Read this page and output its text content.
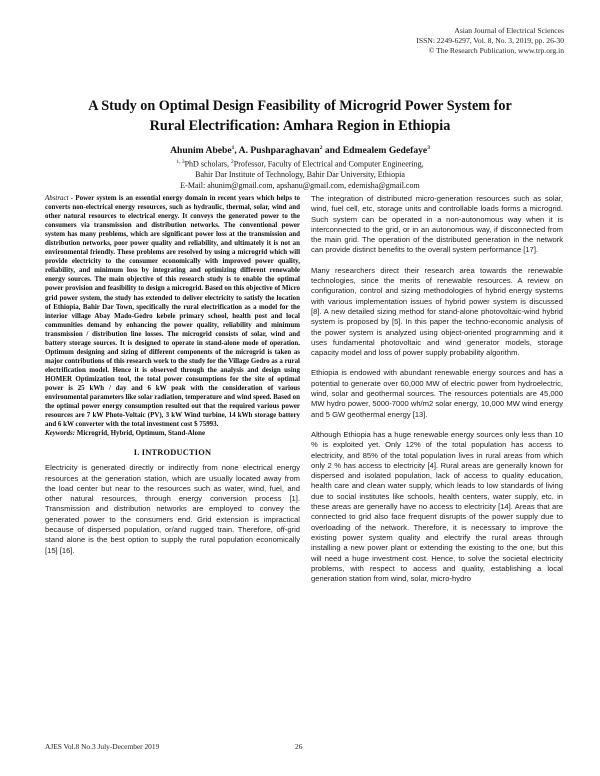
Asian Journal of Electrical Sciences
ISSN: 2249-6297, Vol. 8, No. 3, 2019, pp. 26-30
© The Research Publication, www.trp.org.in
A Study on Optimal Design Feasibility of Microgrid Power System for
Rural Electrification: Amhara Region in Ethiopia
Ahunim Abebe$^1$, A. Pushparaghavan$^2$ and Edmealem Gedefaye$^3$
$^{1, 3}$PhD scholars, $^2$Professor, Faculty of Electrical and Computer Engineering,
Bahir Dar Institute of Technology, Bahir Dar University, Ethiopia
E-Mail: ahunim@gmail.com, apshanu@gmail.com, edemisha@gmail.com

Abstract - Power system is an essential energy domain in recent years which helps to converts non-electrical energy resources, such as hydraulic, thermal, solar, wind and other natural resources to electrical energy. It conveys the generated power to the consumers via transmission and distribution networks. The conventional power system has many problems, which are significant power loss at the transmission and distribution networks, poor power quality and reliability, and ultimately it is not an environmental friendly. These problems are resolved by using a microgrid which will provide electricity to the consumer economically with improved power quality, reliability, and minimum loss by integrating and optimizing different renewable energy sources. The main objective of this research study is to enable the optimal power provision and feasibility to design a microgrid. Based on this objective of Micro grid power system, the study has extended to deliver electricity to satisfy the location of Ethiopia, Bahir Dar Town, specifically the rural electrification as a model for the interior village Abay Mado-Gedro kebele primary school, health post and local communities demand by enhancing the power quality, reliability and minimum transmission / distribution line losses. The microgrid consists of solar, wind and battery storage sources. It is designed to operate in stand-alone mode of operation. Optimum designing and sizing of different components of the microgrid is taken as major contributions of this research work to the study for the Village Gedro as a rural electrification model. Hence it is observed through the analysis and design using HOMER Optimization tool, the total power consumptions for the site of optimal power is 25 kWh / day and 6 kW peak with the consideration of various environmental parameters like solar radiation, temperature and wind speed. Based on the optimal power energy consumption resulted out that the required various power resources are 7 kW Photo-Voltaic (PV), 3 kW Wind turbine, 14 kWh storage battery and 6 kW converter with the total investment cost $ 75993.

Keywords: Microgrid, Hybrid, Optimum, Stand-Alone

I. INTRODUCTION

Electricity is generated directly or indirectly from none electrical energy resources at the generation station, which are usually located away from the load center but near to the resources such as water, wind, fuel, and other natural resources, through energy conversion process [1]. Transmission and distribution networks are employed to convey the generated power to the consumers end. Grid extension is impractical because of dispersed population, or/and rugged train. Therefore, off-grid stand alone is the best option to supply the rural population economically [15] [16].

The integration of distributed micro-generation resources such as solar, wind, fuel cell, etc, storage units and controllable loads forms a microgrid. Such system can be operated in a non-autonomous way when it is interconnected to the grid, or in an autonomous way, if disconnected from the main grid. The operation of the distributed generation in the network can provide distinct benefits to the overall system performance [17].

Many researchers direct their research area towards the renewable technologies, since the merits of renewable resources. A review on configuration, control and sizing methodologies of hybrid energy systems with various implementation issues of hybrid power system is discussed [8]. A new detailed sizing method for stand-alone photovoltaic-wind hybrid system is proposed by [5]. In this paper the techno-economic analysis of the power system is analyzed using object-oriented programming and it uses fundamental photovoltaic and wind generator models, storage capacity model and loss of power supply probability algorithm.

Ethiopia is endowed with abundant renewable energy sources and has a potential to generate over 60,000 MW of electric power from hydroelectric, wind, solar and geothermal sources. The resources potentials are 45,000 MW hydro power, 5000-7000 wh/m2 solar energy, 10,000 MW wind energy and 5 GW geothermal energy [13].

Although Ethiopia has a huge renewable energy sources only less than 10 % is exploited yet. Only 12% of the total population has access to electricity, and 85% of the total population lives in rural areas from which only 2 % has access to electricity [4]. Rural areas are generally known for dispersed and isolated population, lack of access to quality education, health care and clean water supply, which leads to low standards of living due to social institutes like schools, health centers, water supply, etc. in these areas are generally have no access to electricity [14]. Areas that are connected to grid also face frequent disrupts of the power supply due to overloading of the network. Therefore, it is necessary to improve the existing power system quality and electrify the rural areas through installing a new power plant or extending the existing to the one, but this will need a huge investment cost. Hence, to solve the societal electricity problems, with respect to access and quality, establishing a local generation station from wind, solar, micro-hydro

AJES Vol.8 No.3 July-December 2019	26
